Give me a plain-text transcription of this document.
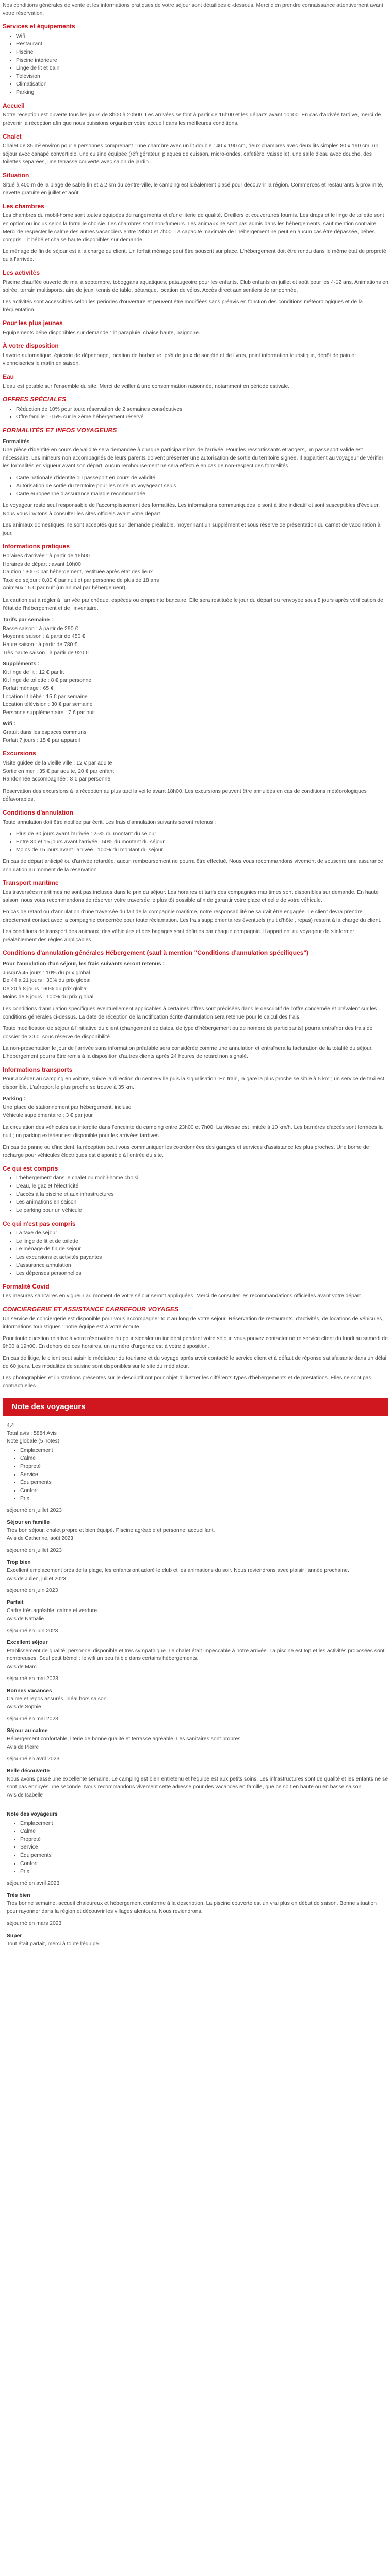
Nos conditions générales de vente et les informations pratiques de votre séjour sont détaillées ci-dessous. Merci d'en prendre connaissance attentivement avant votre réservation.

Services et équipements
• Wifi
• Restaurant
• Piscine
• Piscine intérieure
• Linge de lit et bain
• Télévision
• Climatisation
• Parking
Accueil

Notre réception est ouverte tous les jours de 8h00 à 20h00. Les arrivées se font à partir de 16h00 et les départs avant 10h00. En cas d'arrivée tardive, merci de prévenir la réception afin que nous puissions organiser votre accueil dans les meilleures conditions.

Chalet

Chalet de 35 m² environ pour 6 personnes comprenant : une chambre avec un lit double 140 x 190 cm, deux chambres avec deux lits simples 80 x 190 cm, un séjour avec canapé convertible, une cuisine équipée (réfrigérateur, plaques de cuisson, micro-ondes, cafetière, vaisselle), une salle d'eau avec douche, des toilettes séparées, une terrasse couverte avec salon de jardin.

Situation

Situé à 400 m de la plage de sable fin et à 2 km du centre-ville, le camping est idéalement placé pour découvrir la région. Commerces et restaurants à proximité, navette gratuite en juillet et août.

Les chambres

Les chambres du mobil-home sont toutes équipées de rangements et d'une literie de qualité. Oreillers et couvertures fournis. Les draps et le linge de toilette sont en option ou inclus selon la formule choisie. Les chambres sont non-fumeurs. Les animaux ne sont pas admis dans les hébergements, sauf mention contraire. Merci de respecter le calme des autres vacanciers entre 23h00 et 7h00. La capacité maximale de l'hébergement ne peut en aucun cas être dépassée, bébés compris. Lit bébé et chaise haute disponibles sur demande.

Le ménage de fin de séjour est à la charge du client. Un forfait ménage peut être souscrit sur place. L'hébergement doit être rendu dans le même état de propreté qu'à l'arrivée.

Les activités

Piscine chauffée ouverte de mai à septembre, toboggans aquatiques, pataugeoire pour les enfants. Club enfants en juillet et août pour les 4-12 ans. Animations en soirée, terrain multisports, aire de jeux, tennis de table, pétanque, location de vélos. Accès direct aux sentiers de randonnée.

Les activités sont accessibles selon les périodes d'ouverture et peuvent être modifiées sans préavis en fonction des conditions météorologiques et de la fréquentation.

Pour les plus jeunes

Équipements bébé disponibles sur demande : lit parapluie, chaise haute, baignoire.

À votre disposition

Laverie automatique, épicerie de dépannage, location de barbecue, prêt de jeux de société et de livres, point information touristique, dépôt de pain et viennoiseries le matin en saison.

Eau

L'eau est potable sur l'ensemble du site. Merci de veiller à une consommation raisonnée, notamment en période estivale.

OFFRES SPÉCIALES
• Réduction de 10% pour toute réservation de 2 semaines consécutives
• Offre famille : -15% sur le 2ème hébergement réservé
FORMALITÉS ET INFOS VOYAGEURS
Formalités

Une pièce d'identité en cours de validité sera demandée à chaque participant lors de l'arrivée. Pour les ressortissants étrangers, un passeport valide est nécessaire. Les mineurs non accompagnés de leurs parents doivent présenter une autorisation de sortie du territoire signée. Il appartient au voyageur de vérifier les formalités en vigueur avant son départ. Aucun remboursement ne sera effectué en cas de non-respect des formalités.

• Carte nationale d'identité ou passeport en cours de validité
• Autorisation de sortie du territoire pour les mineurs voyageant seuls
• Carte européenne d'assurance maladie recommandée

Le voyageur reste seul responsable de l'accomplissement des formalités. Les informations communiquées le sont à titre indicatif et sont susceptibles d'évoluer. Nous vous invitons à consulter les sites officiels avant votre départ.

Les animaux domestiques ne sont acceptés que sur demande préalable, moyennant un supplément et sous réserve de présentation du carnet de vaccination à jour.

Informations pratiques

Horaires d'arrivée : à partir de 16h00

Horaires de départ : avant 10h00

Caution : 300 € par hébergement, restituée après état des lieux

Taxe de séjour : 0,80 € par nuit et par personne de plus de 18 ans

Animaux : 5 € par nuit (un animal par hébergement)

La caution est à régler à l'arrivée par chèque, espèces ou empreinte bancaire. Elle sera restituée le jour du départ ou renvoyée sous 8 jours après vérification de l'état de l'hébergement et de l'inventaire.

Tarifs par semaine :

Basse saison : à partir de 290 €

Moyenne saison : à partir de 450 €

Haute saison : à partir de 780 €

Très haute saison : à partir de 920 €

Suppléments :

Kit linge de lit : 12 € par lit

Kit linge de toilette : 8 € par personne

Forfait ménage : 65 €

Location lit bébé : 15 € par semaine

Location télévision : 30 € par semaine

Personne supplémentaire : 7 € par nuit

Wifi :

Gratuit dans les espaces communs

Forfait 7 jours : 15 € par appareil

Excursions

Visite guidée de la vieille ville : 12 € par adulte

Sortie en mer : 35 € par adulte, 20 € par enfant

Randonnée accompagnée : 8 € par personne

Réservation des excursions à la réception au plus tard la veille avant 18h00. Les excursions peuvent être annulées en cas de conditions météorologiques défavorables.

Conditions d'annulation

Toute annulation doit être notifiée par écrit. Les frais d'annulation suivants seront retenus :

• Plus de 30 jours avant l'arrivée : 25% du montant du séjour
• Entre 30 et 15 jours avant l'arrivée : 50% du montant du séjour
• Moins de 15 jours avant l'arrivée : 100% du montant du séjour

En cas de départ anticipé ou d'arrivée retardée, aucun remboursement ne pourra être effectué. Nous vous recommandons vivement de souscrire une assurance annulation au moment de la réservation.

Transport maritime

Les traversées maritimes ne sont pas incluses dans le prix du séjour. Les horaires et tarifs des compagnies maritimes sont disponibles sur demande. En haute saison, nous vous recommandons de réserver votre traversée le plus tôt possible afin de garantir votre place et celle de votre véhicule.

En cas de retard ou d'annulation d'une traversée du fait de la compagnie maritime, notre responsabilité ne saurait être engagée. Le client devra prendre directement contact avec la compagnie concernée pour toute réclamation. Les frais supplémentaires éventuels (nuit d'hôtel, repas) restent à la charge du client.

Les conditions de transport des animaux, des véhicules et des bagages sont définies par chaque compagnie. Il appartient au voyageur de s'informer préalablement des règles applicables.

Conditions d'annulation générales Hébergement (sauf à mention "Conditions d'annulation spécifiques")
Pour l'annulation d'un séjour, les frais suivants seront retenus :

Jusqu'à 45 jours : 10% du prix global

De 44 à 21 jours : 30% du prix global

De 20 à 8 jours : 60% du prix global

Moins de 8 jours : 100% du prix global

Les conditions d'annulation spécifiques éventuellement applicables à certaines offres sont précisées dans le descriptif de l'offre concernée et prévalent sur les conditions générales ci-dessus. La date de réception de la notification écrite d'annulation sera retenue pour le calcul des frais.

Toute modification de séjour à l'initiative du client (changement de dates, de type d'hébergement ou de nombre de participants) pourra entraîner des frais de dossier de 30 €, sous réserve de disponibilité.

La non-présentation le jour de l'arrivée sans information préalable sera considérée comme une annulation et entraînera la facturation de la totalité du séjour. L'hébergement pourra être remis à la disposition d'autres clients après 24 heures de retard non signalé.

Informations transports

Pour accéder au camping en voiture, suivre la direction du centre-ville puis la signalisation. En train, la gare la plus proche se situe à 5 km ; un service de taxi est disponible. L'aéroport le plus proche se trouve à 35 km.

Parking :

Une place de stationnement par hébergement, incluse

Véhicule supplémentaire : 3 € par jour

La circulation des véhicules est interdite dans l'enceinte du camping entre 23h00 et 7h00. La vitesse est limitée à 10 km/h. Les barrières d'accès sont fermées la nuit ; un parking extérieur est disponible pour les arrivées tardives.

En cas de panne ou d'incident, la réception peut vous communiquer les coordonnées des garages et services d'assistance les plus proches. Une borne de recharge pour véhicules électriques est disponible à l'entrée du site.

Ce qui est compris
• L'hébergement dans le chalet ou mobil-home choisi
• L'eau, le gaz et l'électricité
• L'accès à la piscine et aux infrastructures
• Les animations en saison
• Le parking pour un véhicule
Ce qui n'est pas compris
• La taxe de séjour
• Le linge de lit et de toilette
• Le ménage de fin de séjour
• Les excursions et activités payantes
• L'assurance annulation
• Les dépenses personnelles
Formalité Covid

Les mesures sanitaires en vigueur au moment de votre séjour seront appliquées. Merci de consulter les recommandations officielles avant votre départ.

CONCIERGERIE ET ASSISTANCE CARREFOUR VOYAGES

Un service de conciergerie est disponible pour vous accompagner tout au long de votre séjour. Réservation de restaurants, d'activités, de locations de véhicules, informations touristiques : notre équipe est à votre écoute.

Pour toute question relative à votre réservation ou pour signaler un incident pendant votre séjour, vous pouvez contacter notre service client du lundi au samedi de 9h00 à 19h00. En dehors de ces horaires, un numéro d'urgence est à votre disposition.

En cas de litige, le client peut saisir le médiateur du tourisme et du voyage après avoir contacté le service client et à défaut de réponse satisfaisante dans un délai de 60 jours. Les modalités de saisine sont disponibles sur le site du médiateur.

Les photographies et illustrations présentes sur le descriptif ont pour objet d'illustrer les différents types d'hébergements et de prestations. Elles ne sont pas contractuelles.

Note des voyageurs

4,4

Total avis : 5884 Avis

Note globale (5 notes)

• Emplacement
• Calme
• Propreté
• Service
• Équipements
• Confort
• Prix

séjourné en juillet 2023

Séjour en famille

Très bon séjour, chalet propre et bien équipé. Piscine agréable et personnel accueillant.

Avis de Catherine, août 2023

séjourné en juillet 2023

Trop bien

Excellent emplacement près de la plage, les enfants ont adoré le club et les animations du soir. Nous reviendrons avec plaisir l'année prochaine.

Avis de Julien, juillet 2023

séjourné en juin 2023

Parfait

Cadre très agréable, calme et verdure.

Avis de Nathalie

séjourné en juin 2023

Excellent séjour

Établissement de qualité, personnel disponible et très sympathique. Le chalet était impeccable à notre arrivée. La piscine est top et les activités proposées sont nombreuses. Seul petit bémol : le wifi un peu faible dans certains hébergements.

Avis de Marc

séjourné en mai 2023

Bonnes vacances

Calme et repos assurés, idéal hors saison.

Avis de Sophie

séjourné en mai 2023

Séjour au calme

Hébergement confortable, literie de bonne qualité et terrasse agréable. Les sanitaires sont propres.

Avis de Pierre

séjourné en avril 2023

Belle découverte

Nous avons passé une excellente semaine. Le camping est bien entretenu et l'équipe est aux petits soins. Les infrastructures sont de qualité et les enfants ne se sont pas ennuyés une seconde. Nous recommandons vivement cette adresse pour des vacances en famille, que ce soit en haute ou en basse saison.

Avis de Isabelle

Note des voyageurs

• Emplacement
• Calme
• Propreté
• Service
• Équipements
• Confort
• Prix

séjourné en avril 2023

Très bien

Très bonne semaine, accueil chaleureux et hébergement conforme à la description. La piscine couverte est un vrai plus en début de saison. Bonne situation pour rayonner dans la région et découvrir les villages alentours. Nous reviendrons.

séjourné en mars 2023

Super

Tout était parfait, merci à toute l'équipe.
